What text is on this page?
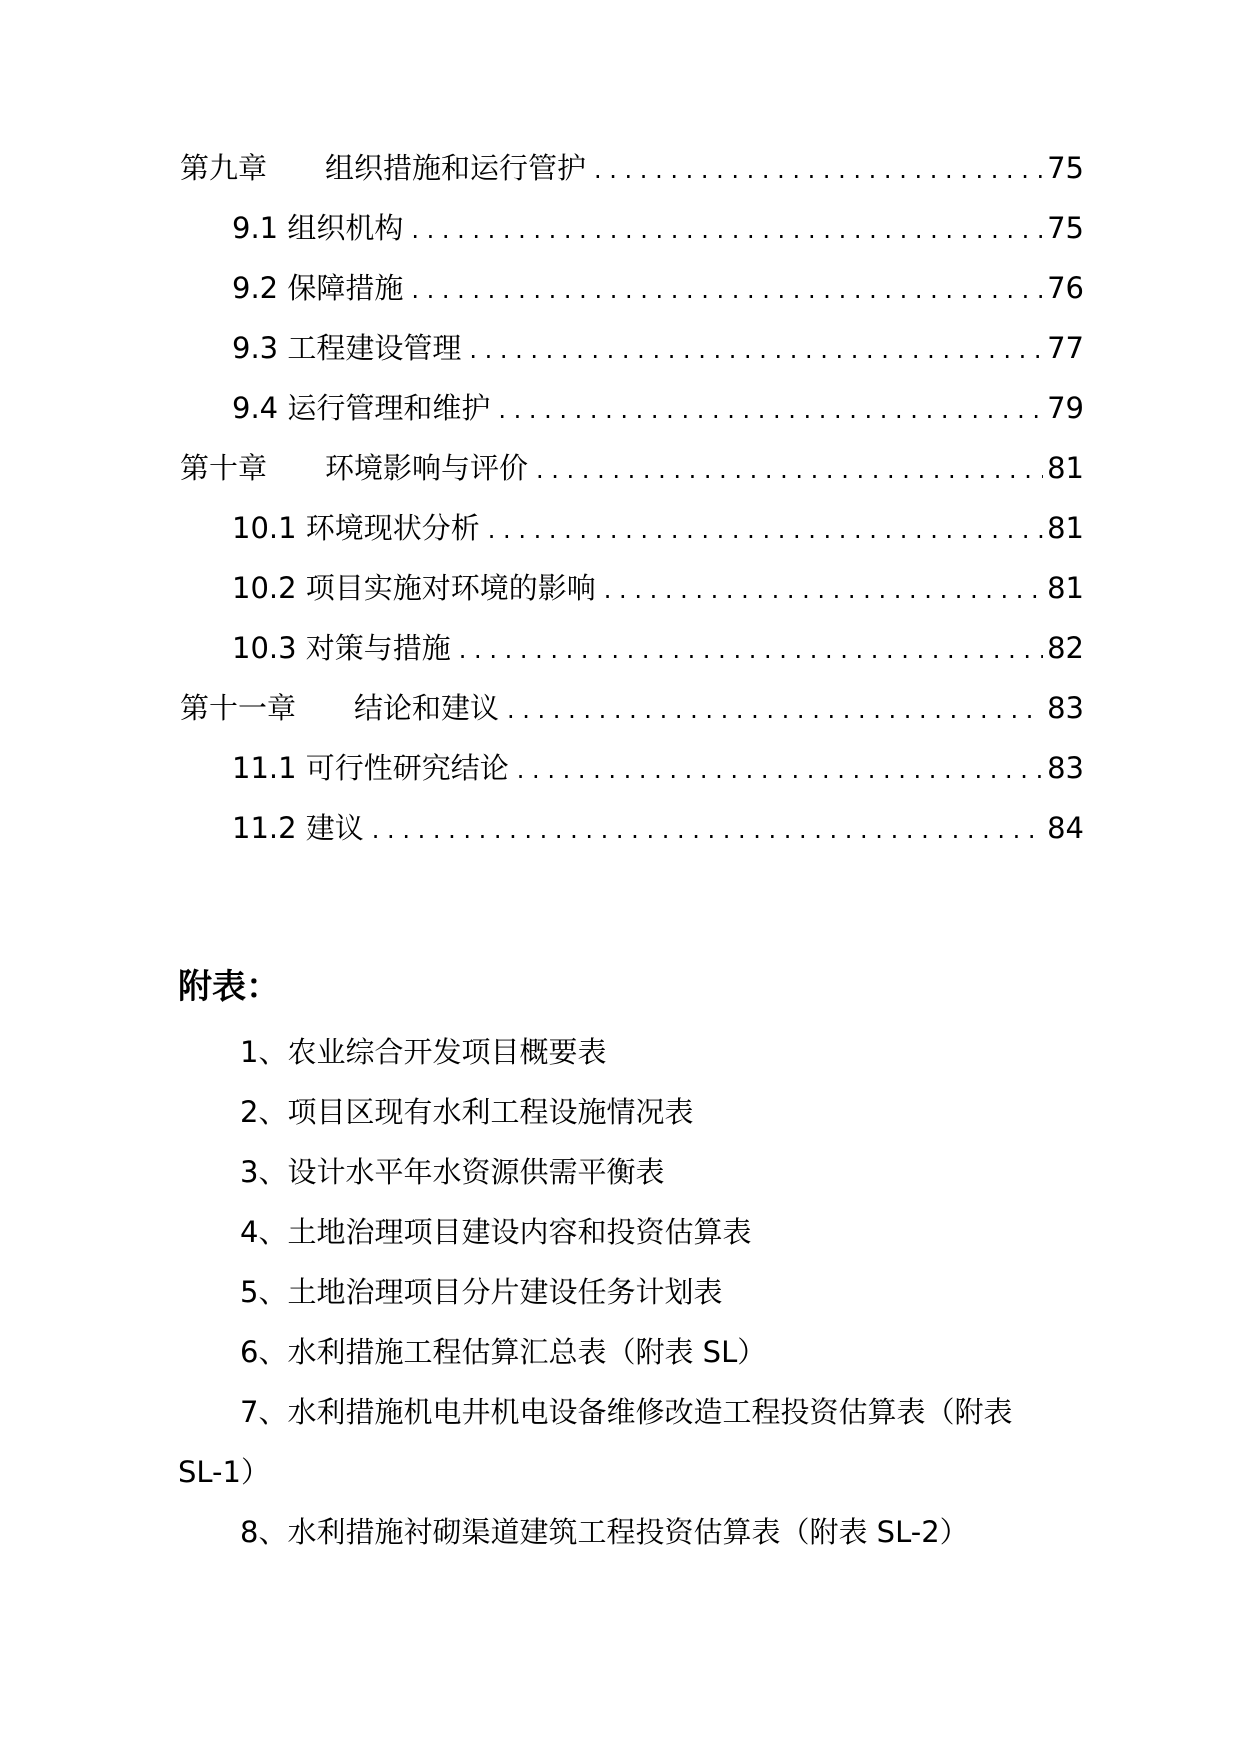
第九章 组织措施和运行管护 . . .	75
9.1 组织机构 . . .	75
9.2 保障措施 . . .	76
9.3 工程建设管理 . . .	77
9.4 运行管理和维护 . . .	79
第十章 环境影响与评价 . . .	81
10.1 环境现状分析 . . .	81
10.2 项目实施对环境的影响 . . .	81
10.3 对策与措施 . . .	82
第十一章 结论和建议 . . .	83
11.1 可行性研究结论 . . .	83
11.2 建议 . . .	84
附表：
1、农业综合开发项目概要表
2、项目区现有水利工程设施情况表
3、设计水平年水资源供需平衡表
4、土地治理项目建设内容和投资估算表
5、土地治理项目分片建设任务计划表
6、水利措施工程估算汇总表（附表 SL）
7、水利措施机电井机电设备维修改造工程投资估算表（附表
SL-1）
8、水利措施衬砌渠道建筑工程投资估算表（附表 SL-2）
